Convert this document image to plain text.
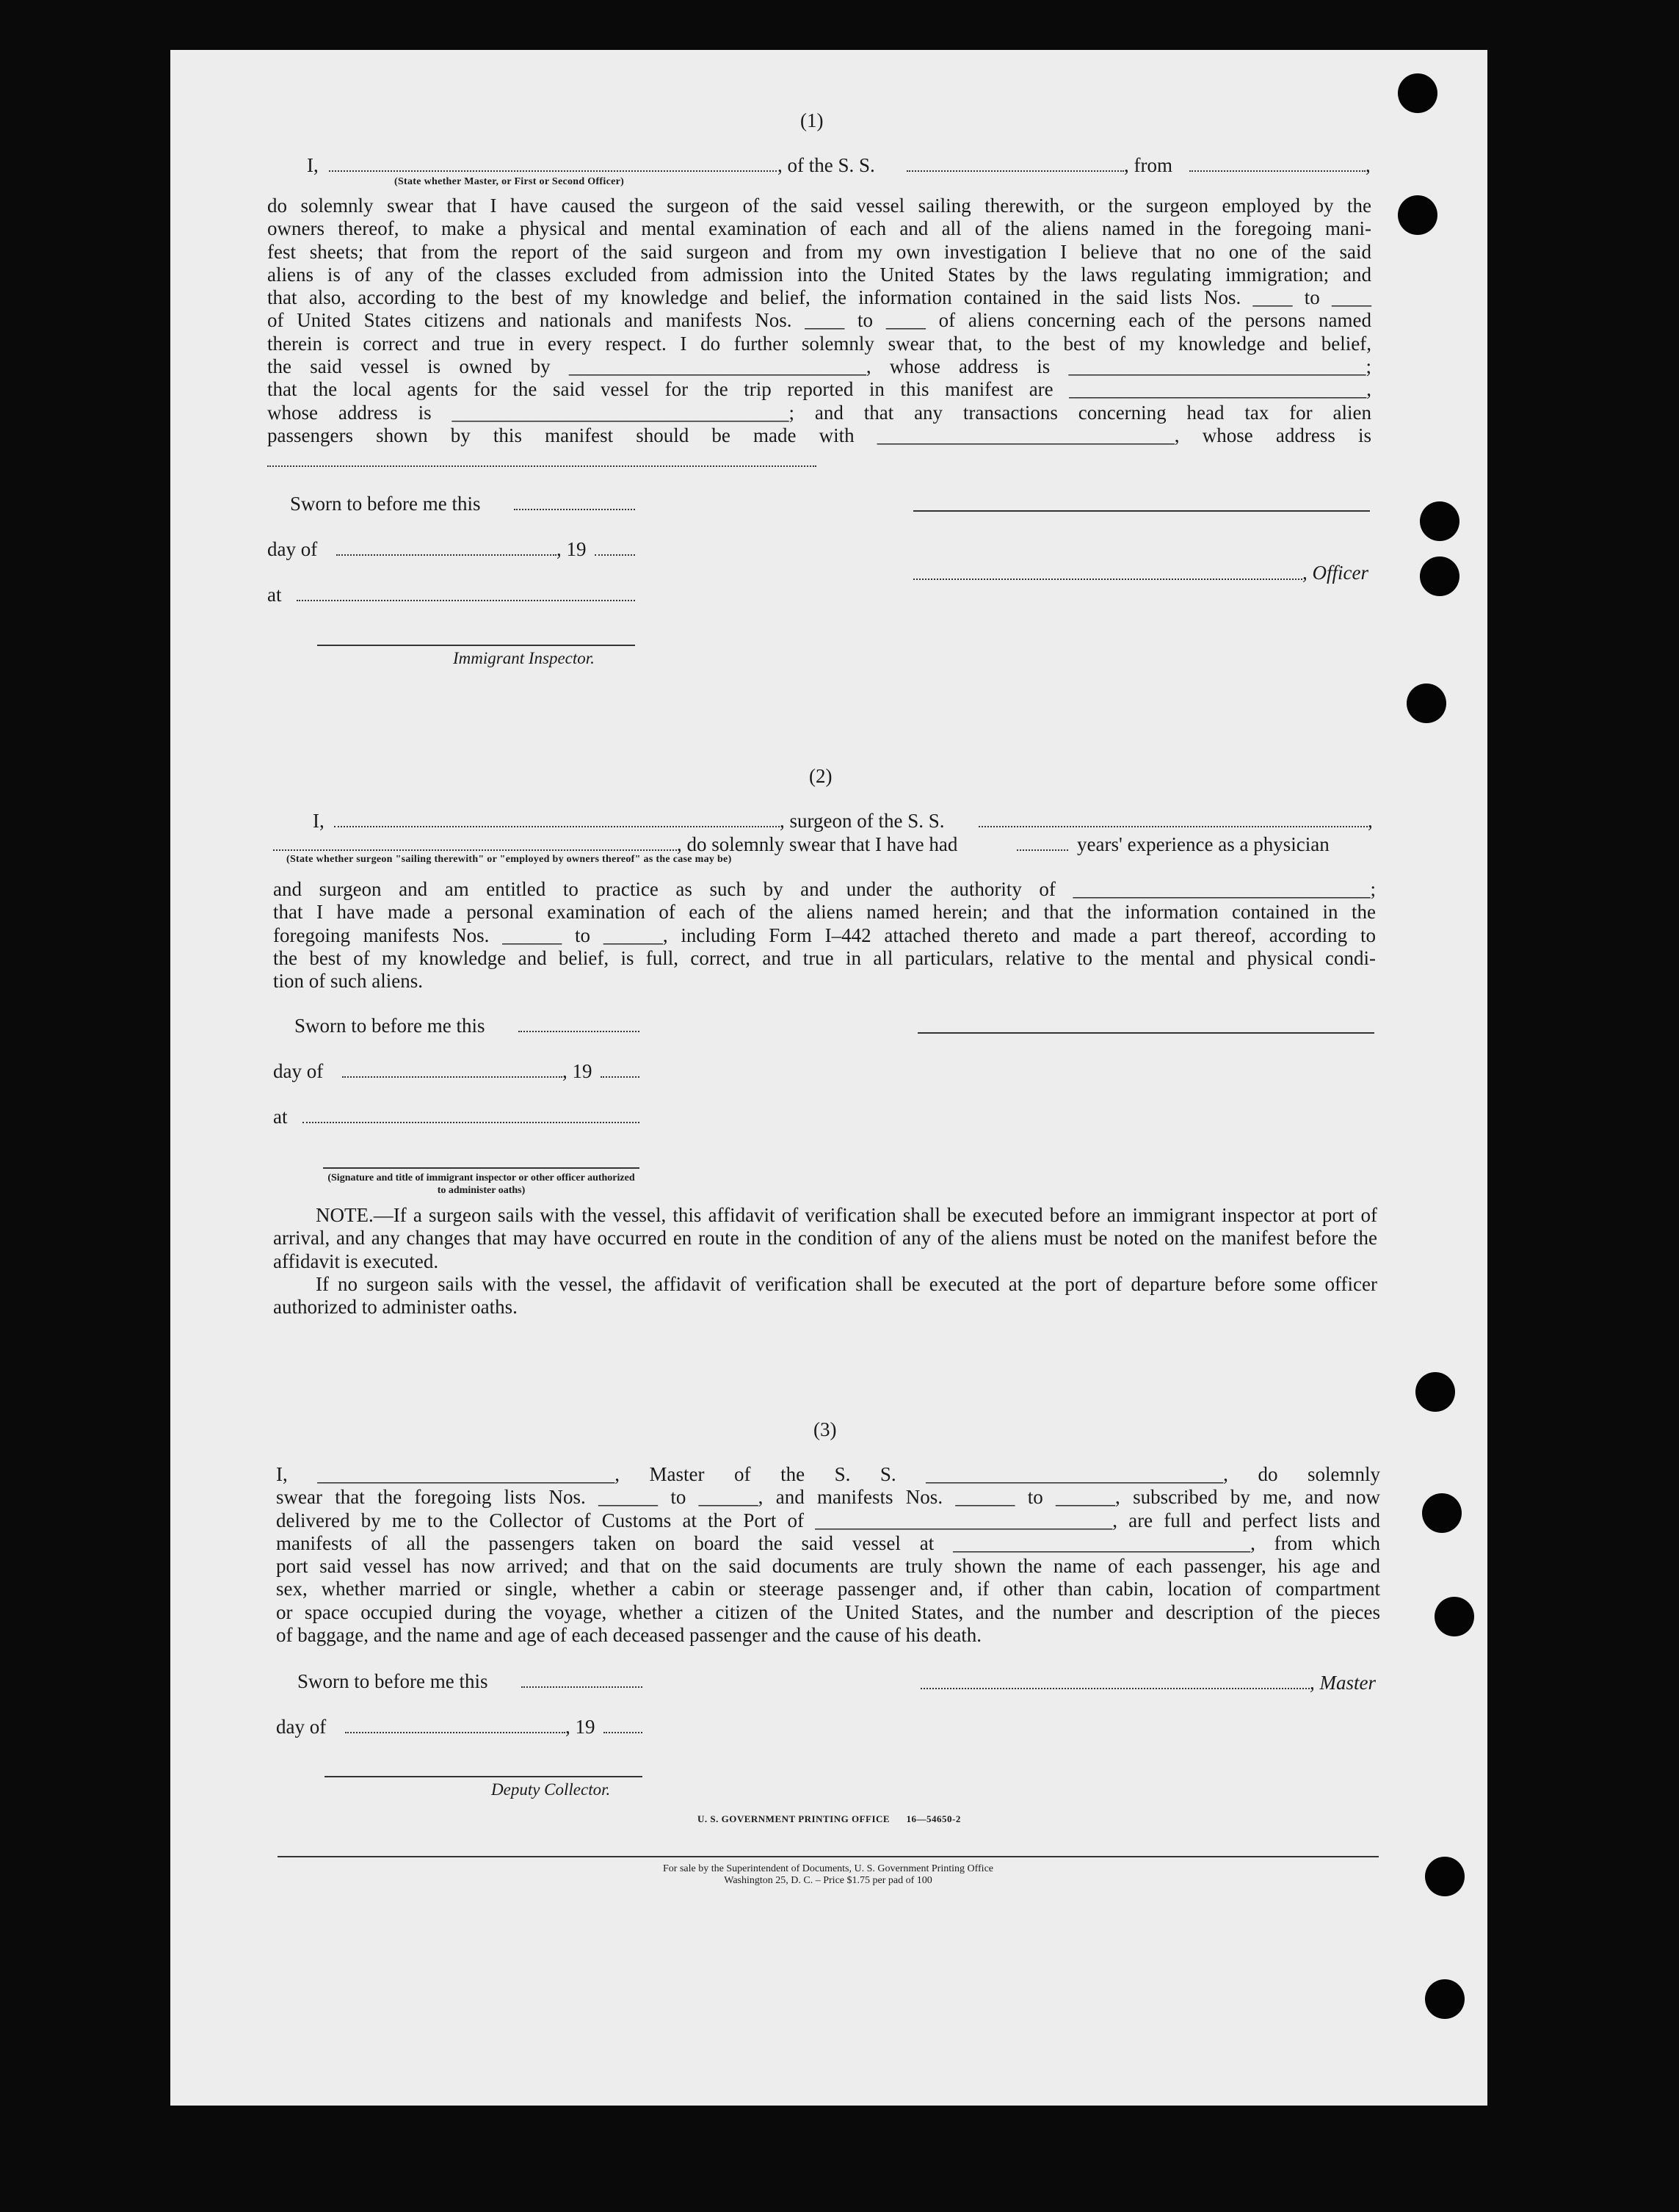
(1)
I,
(State whether Master, or First or Second Officer)
, of the S. S.	, from	,

do solemnly swear that I have caused the surgeon of the said vessel sailing therewith, or the surgeon employed by the

owners thereof, to make a physical and mental examination of each and all of the aliens named in the foregoing mani-

fest sheets; that from the report of the said surgeon and from my own investigation I believe that no one of the said

aliens is of any of the classes excluded from admission into the United States by the laws regulating immigration; and

that also, according to the best of my knowledge and belief, the information contained in the said lists Nos. ____ to ____

of United States citizens and nationals and manifests Nos. ____ to ____ of aliens concerning each of the persons named

therein is correct and true in every respect. I do further solemnly swear that, to the best of my knowledge and belief,

the said vessel is owned by ______________________________, whose address is ______________________________;

that the local agents for the said vessel for the trip reported in this manifest are ______________________________,

whose address is __________________________________; and that any transactions concerning head tax for alien

passengers shown by this manifest should be made with ______________________________, whose address is

Sworn to before me this
day of	, 19
, Officer
at
Immigrant Inspector.
(2)
I,	, surgeon of the S. S.	,
, do solemnly swear that I have had	years' experience as a physician
(State whether surgeon "sailing therewith" or "employed by owners thereof" as the case may be)

and surgeon and am entitled to practice as such by and under the authority of ______________________________;

that I have made a personal examination of each of the aliens named herein; and that the information contained in the

foregoing manifests Nos. ______ to ______, including Form I–442 attached thereto and made a part thereof, according to

the best of my knowledge and belief, is full, correct, and true in all particulars, relative to the mental and physical condi-

tion of such aliens.

Sworn to before me this
day of	, 19
at
(Signature and title of immigrant inspector or other officer authorized to administer oaths)

NOTE.—If a surgeon sails with the vessel, this affidavit of verification shall be executed before an immigrant inspector at port of arrival, and any changes that may have occurred en route in the condition of any of the aliens must be noted on the manifest before the affidavit is executed.

If no surgeon sails with the vessel, the affidavit of verification shall be executed at the port of departure before some officer authorized to administer oaths.

(3)

I, ______________________________, Master of the S. S. ______________________________, do solemnly

swear that the foregoing lists Nos. ______ to ______, and manifests Nos. ______ to ______, subscribed by me, and now

delivered by me to the Collector of Customs at the Port of ______________________________, are full and perfect lists and

manifests of all the passengers taken on board the said vessel at ______________________________, from which

port said vessel has now arrived; and that on the said documents are truly shown the name of each passenger, his age and

sex, whether married or single, whether a cabin or steerage passenger and, if other than cabin, location of compartment

or space occupied during the voyage, whether a citizen of the United States, and the number and description of the pieces

of baggage, and the name and age of each deceased passenger and the cause of his death.

Sworn to before me this	, Master
day of	, 19
Deputy Collector.
U. S. GOVERNMENT PRINTING OFFICE      16—54650-2
For sale by the Superintendent of Documents, U. S. Government Printing Office
Washington 25, D. C. – Price $1.75 per pad of 100
